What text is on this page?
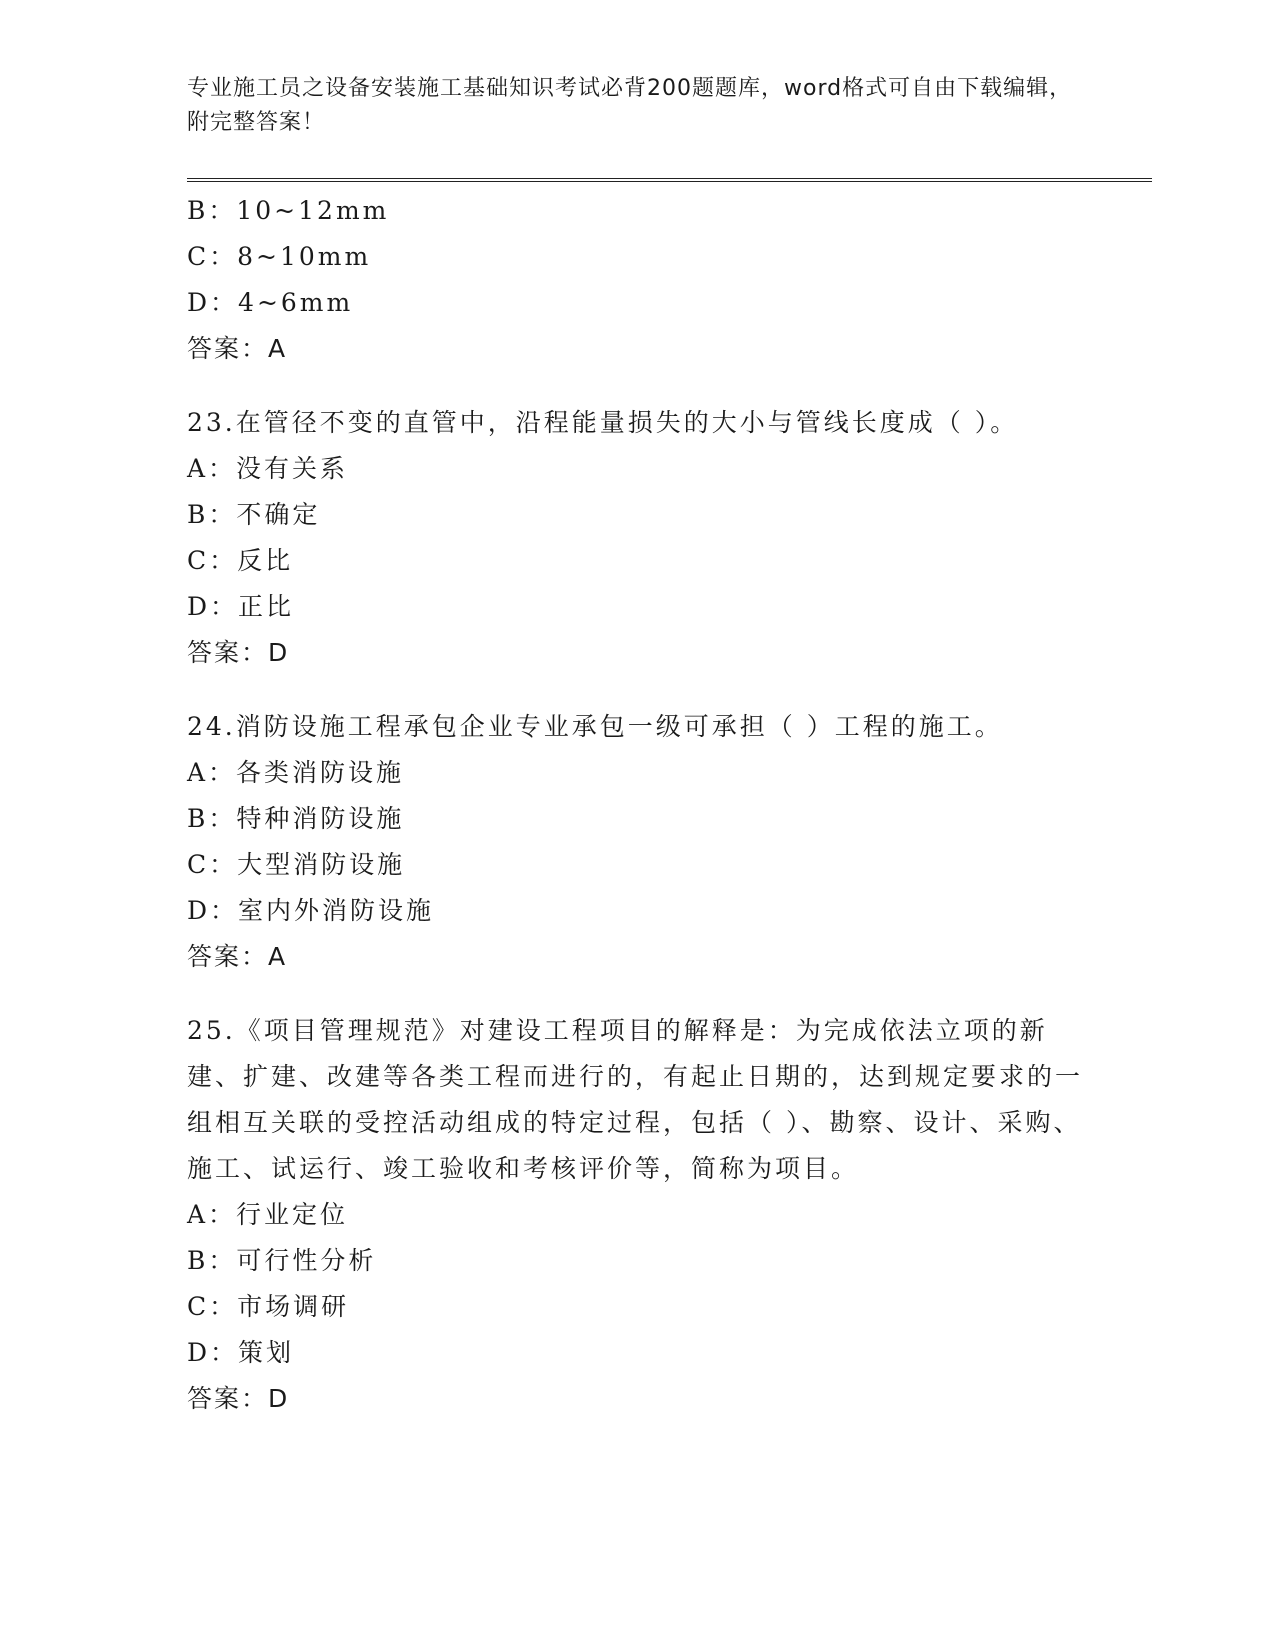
专业施工员之设备安装施工基础知识考试必背200题题库，word格式可自由下载编辑，附完整答案！
B：10~12mm
C：8~10mm
D：4~6mm
答案：A
23.在管径不变的直管中，沿程能量损失的大小与管线长度成（ ）。
A：没有关系
B：不确定
C：反比
D：正比
答案：D
24.消防设施工程承包企业专业承包一级可承担（ ）工程的施工。
A：各类消防设施
B：特种消防设施
C：大型消防设施
D：室内外消防设施
答案：A
25.《项目管理规范》对建设工程项目的解释是：为完成依法立项的新建、扩建、改建等各类工程而进行的，有起止日期的，达到规定要求的一组相互关联的受控活动组成的特定过程，包括（ ）、勘察、设计、采购、施工、试运行、竣工验收和考核评价等，简称为项目。
A：行业定位
B：可行性分析
C：市场调研
D：策划
答案：D
